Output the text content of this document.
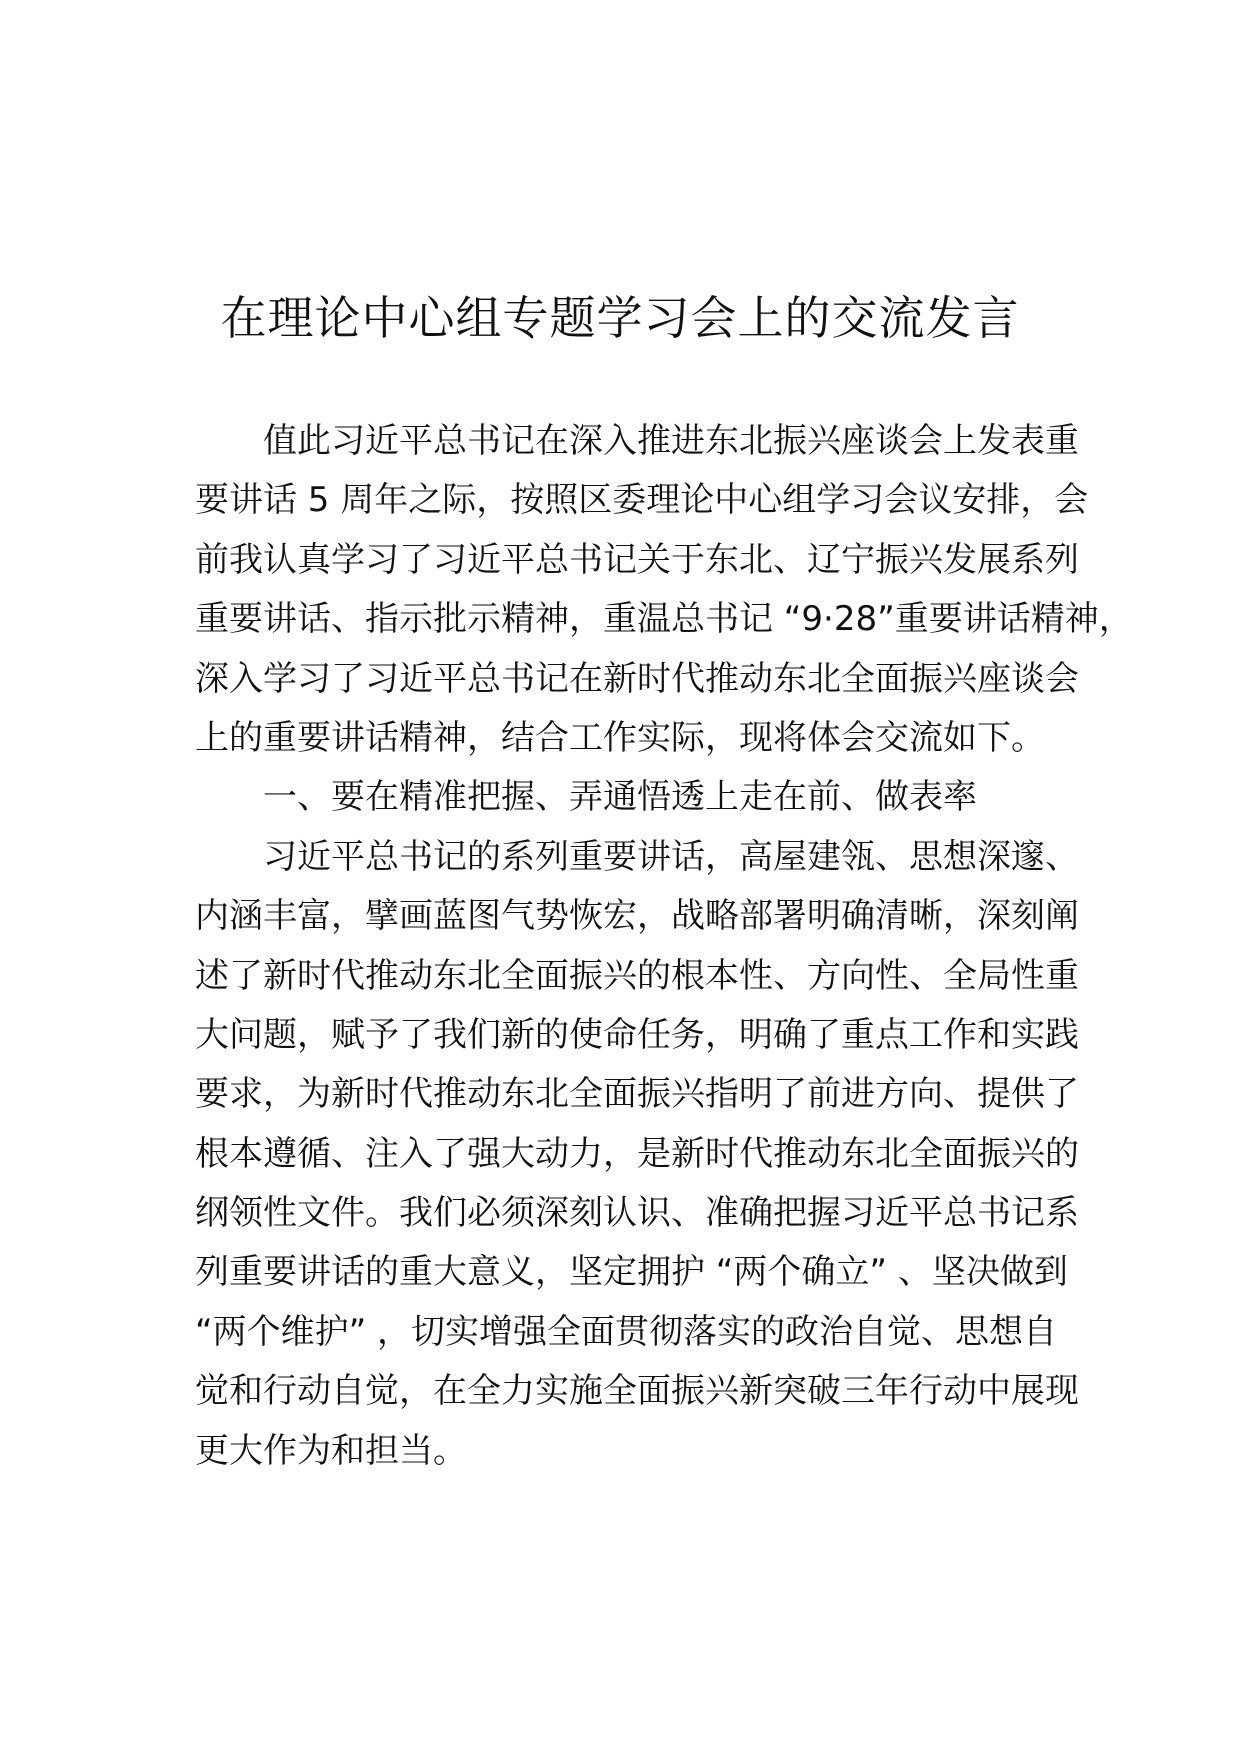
在理论中心组专题学习会上的交流发言
值此习近平总书记在深入推进东北振兴座谈会上发表重
要讲话 5 周年之际，按照区委理论中心组学习会议安排，会
前我认真学习了习近平总书记关于东北、辽宁振兴发展系列
重要讲话、指示批示精神，重温总书记 “9·28”重要讲话精神，
深入学习了习近平总书记在新时代推动东北全面振兴座谈会
上的重要讲话精神，结合工作实际，现将体会交流如下。
一、要在精准把握、弄通悟透上走在前、做表率
习近平总书记的系列重要讲话，高屋建瓴、思想深邃、
内涵丰富，擘画蓝图气势恢宏，战略部署明确清晰，深刻阐
述了新时代推动东北全面振兴的根本性、方向性、全局性重
大问题，赋予了我们新的使命任务，明确了重点工作和实践
要求，为新时代推动东北全面振兴指明了前进方向、提供了
根本遵循、注入了强大动力，是新时代推动东北全面振兴的
纲领性文件。我们必须深刻认识、准确把握习近平总书记系
列重要讲话的重大意义，坚定拥护 “两个确立” 、坚决做到
“两个维护” ，切实增强全面贯彻落实的政治自觉、思想自
觉和行动自觉，在全力实施全面振兴新突破三年行动中展现
更大作为和担当。
